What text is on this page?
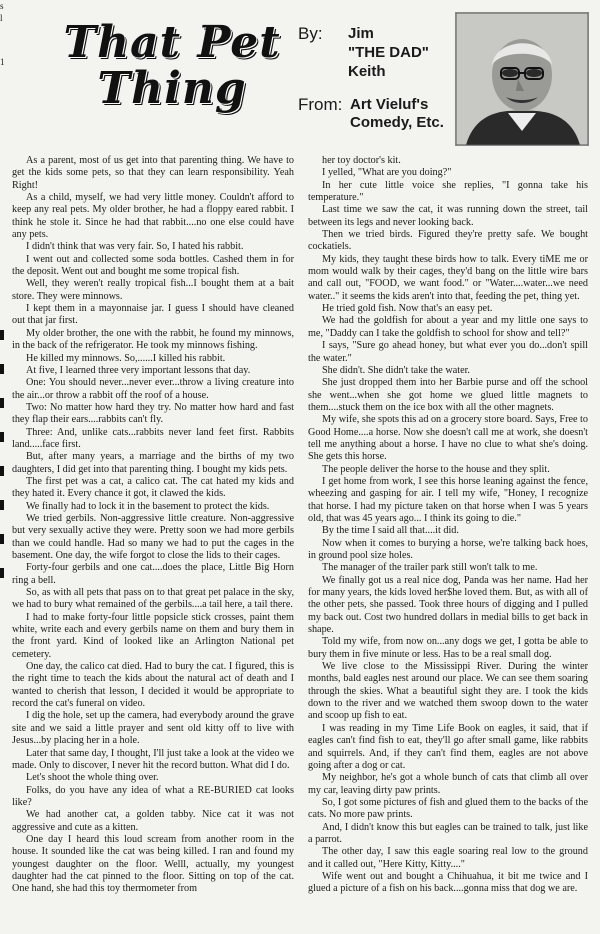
s
l
1	That Pet
Thing
By: Jim
"THE DAD"
Keith
From: Art Vieluf's
Comedy, Etc.

As a parent, most of us get into that parenting thing. We have to get the kids some pets, so that they can learn responsibility. Yeah Right!

As a child, myself, we had very little money. Couldn't afford to keep any real pets. My older brother, he had a floppy eared rabbit. I think he stole it. Since he had that rabbit....no one else could have any pets.

I didn't think that was very fair. So, I hated his rabbit.

I went out and collected some soda bottles. Cashed them in for the deposit. Went out and bought me some tropical fish.

Well, they weren't really tropical fish...I bought them at a bait store. They were minnows.

I kept them in a mayonnaise jar. I guess I should have cleaned out that jar first.

My older brother, the one with the rabbit, he found my minnows, in the back of the refrigerator. He took my minnows fishing.

He killed my minnows. So,......I killed his rabbit.

At five, I learned three very important lessons that day.

One: You should never...never ever...throw a living creature into the air...or throw a rabbit off the roof of a house.

Two: No matter how hard they try. No matter how hard and fast they flap their ears....rabbits can't fly.

Three: And, unlike cats...rabbits never land feet first. Rabbits land.....face first.

But, after many years, a marriage and the births of my two daughters, I did get into that parenting thing. I bought my kids pets.

The first pet was a cat, a calico cat. The cat hated my kids and they hated it. Every chance it got, it clawed the kids.

We finally had to lock it in the basement to protect the kids.

We tried gerbils. Non-aggressive little creature. Non-aggressive but very sexually active they were. Pretty soon we had more gerbils than we could handle. Had so many we had to put the cages in the basement. One day, the wife forgot to close the lids to their cages.

Forty-four gerbils and one cat....does the place, Little Big Horn ring a bell.

So, as with all pets that pass on to that great pet palace in the sky, we had to bury what remained of the gerbils....a tail here, a tail there.

I had to make forty-four little popsicle stick crosses, paint them white, write each and every gerbils name on them and bury them in the front yard. Kind of looked like an Arlington National pet cemetery.

One day, the calico cat died. Had to bury the cat. I figured, this is the right time to teach the kids about the natural act of death and I wanted to cherish that lesson, I decided it would be appropriate to record the cat's funeral on video.

I dig the hole, set up the camera, had everybody around the grave site and we said a little prayer and sent old kitty off to live with Jesus...by placing her in a hole.

Later that same day, I thought, I'll just take a look at the video we made. Only to discover, I never hit the record button. What did I do.

Let's shoot the whole thing over.

Folks, do you have any idea of what a RE-BURIED cat looks like?

We had another cat, a golden tabby. Nice cat it was not aggressive and cute as a kitten.

One day I heard this loud scream from another room in the house. It sounded like the cat was being killed. I ran and found my youngest daughter on the floor. Welll, actually, my youngest daughter had the cat pinned to the floor. Sitting on top of the cat. One hand, she had this toy thermometer from

her toy doctor's kit.

I yelled, "What are you doing?"

In her cute little voice she replies, "I gonna take his temperature."

Last time we saw the cat, it was running down the street, tail between its legs and never looking back.

Then we tried birds. Figured they're pretty safe. We bought cockatiels.

My kids, they taught these birds how to talk. Every tiME me or mom would walk by their cages, they'd bang on the little wire bars and call out, "FOOD, we want food." or "Water....water...we need water.." it seems the kids aren't into that, feeding the pet, thing yet.

He tried gold fish. Now that's an easy pet.

We had the goldfish for about a year and my little one says to me, "Daddy can I take the goldfish to school for show and tell?"

I says, "Sure go ahead honey, but what ever you do...don't spill the water."

She didn't. She didn't take the water.

She just dropped them into her Barbie purse and off the school she went...when she got home we glued little magnets to them....stuck them on the ice box with all the other magnets.

My wife, she spots this ad on a grocery store board. Says, Free to Good Home....a horse. Now she doesn't call me at work, she doesn't tell me anything about a horse. I have no clue to what she's doing. She gets this horse.

The people deliver the horse to the house and they split.

I get home from work, I see this horse leaning against the fence, wheezing and gasping for air. I tell my wife, "Honey, I recognize that horse. I had my picture taken on that horse when I was 5 years old, that was 45 years ago... I think its going to die."

By the time I said all that....it did.

Now when it comes to burying a horse, we're talking back hoes, in ground pool size holes.

The manager of the trailer park still won't talk to me.

We finally got us a real nice dog, Panda was her name. Had her for many years, the kids loved her$he loved them. But, as with all of the other pets, she passed. Took three hours of digging and I pulled my back out. Cost two hundred dollars in medial bills to get back in shape.

Told my wife, from now on...any dogs we get, I gotta be able to bury them in five minute or less. Has to be a real small dog.

We live close to the Mississippi River. During the winter months, bald eagles nest around our place. We can see them soaring through the skies. What a beautiful sight they are. I took the kids down to the river and we watched them swoop down to the water and scoop up fish to eat.

I was reading in my Time Life Book on eagles, it said, that if eagles can't find fish to eat, they'll go after small game, like rabbits and squirrels. And, if they can't find them, eagles are not above going after a dog or cat.

My neighbor, he's got a whole bunch of cats that climb all over my car, leaving dirty paw prints.

So, I got some pictures of fish and glued them to the backs of the cats. No more paw prints.

And, I didn't know this but eagles can be trained to talk, just like a parrot.

The other day, I saw this eagle soaring real low to the ground and it called out, "Here Kitty, Kitty...."

Wife went out and bought a Chihuahua, it bit me twice and I glued a picture of a fish on his back....gonna miss that dog we are.
